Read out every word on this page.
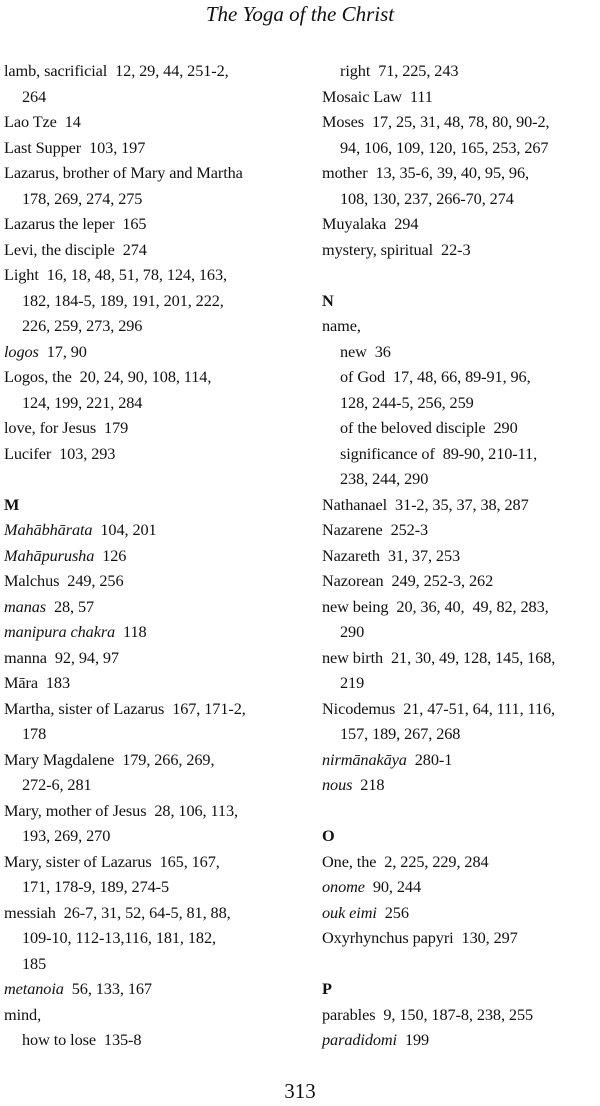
The Yoga of the Christ
lamb, sacrificial  12, 29, 44, 251-2,
264
Lao Tze  14
Last Supper  103, 197
Lazarus, brother of Mary and Martha
178, 269, 274, 275
Lazarus the leper  165
Levi, the disciple  274
Light  16, 18, 48, 51, 78, 124, 163,
182, 184-5, 189, 191, 201, 222,
226, 259, 273, 296
logos  17, 90
Logos, the  20, 24, 90, 108, 114,
124, 199, 221, 284
love, for Jesus  179
Lucifer  103, 293
M
Mahābhārata  104, 201
Mahāpurusha  126
Malchus  249, 256
manas  28, 57
manipura chakra  118
manna  92, 94, 97
Māra  183
Martha, sister of Lazarus  167, 171-2,
178
Mary Magdalene  179, 266, 269,
272-6, 281
Mary, mother of Jesus  28, 106, 113,
193, 269, 270
Mary, sister of Lazarus  165, 167,
171, 178-9, 189, 274-5
messiah  26-7, 31, 52, 64-5, 81, 88,
109-10, 112-13,116, 181, 182,
185
metanoia  56, 133, 167
mind,
how to lose  135-8
right  71, 225, 243
Mosaic Law  111
Moses  17, 25, 31, 48, 78, 80, 90-2,
94, 106, 109, 120, 165, 253, 267
mother  13, 35-6, 39, 40, 95, 96,
108, 130, 237, 266-70, 274
Muyalaka  294
mystery, spiritual  22-3
N
name,
new  36
of God  17, 48, 66, 89-91, 96,
128, 244-5, 256, 259
of the beloved disciple  290
significance of  89-90, 210-11,
238, 244, 290
Nathanael  31-2, 35, 37, 38, 287
Nazarene  252-3
Nazareth  31, 37, 253
Nazorean  249, 252-3, 262
new being  20, 36, 40,  49, 82, 283,
290
new birth  21, 30, 49, 128, 145, 168,
219
Nicodemus  21, 47-51, 64, 111, 116,
157, 189, 267, 268
nirmānakāya  280-1
nous  218
O
One, the  2, 225, 229, 284
onome  90, 244
ouk eimi  256
Oxyrhynchus papyri  130, 297
P
parables  9, 150, 187-8, 238, 255
paradidomi  199
313
